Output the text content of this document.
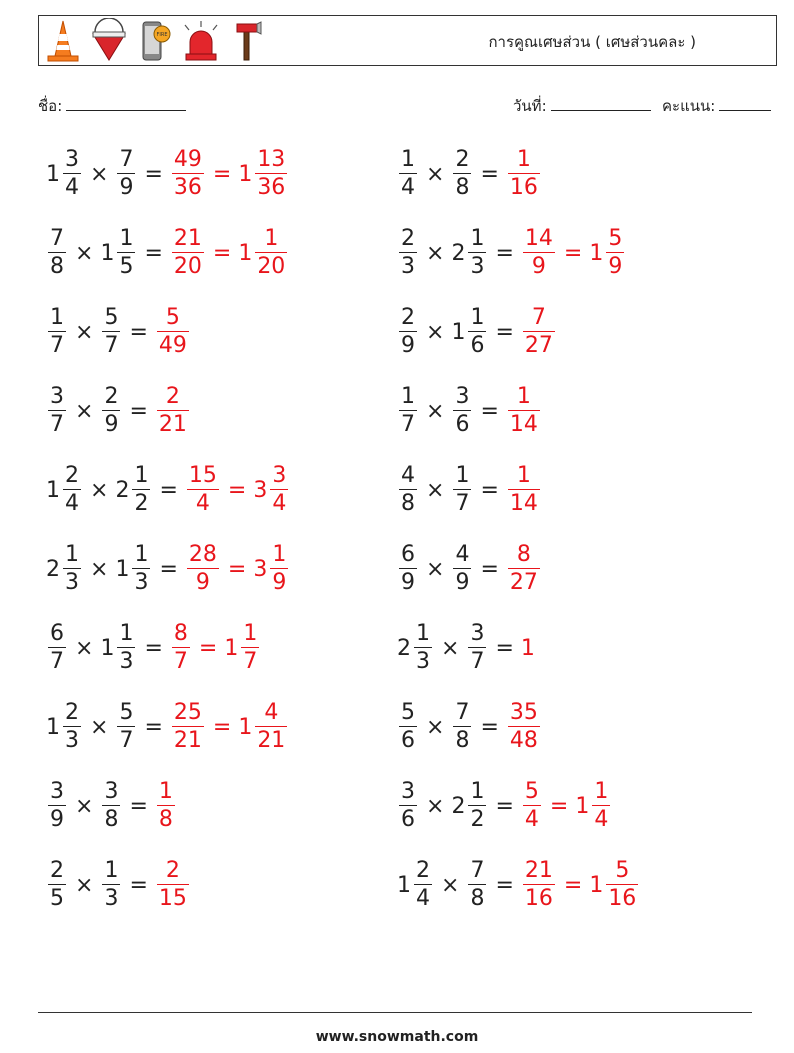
FIRE	การคูณเศษส่วน ( เศษส่วนคละ )
ชื่อ:	วันที่:	คะแนน:
$1 \frac{3}{4} \times \frac{7}{9} = \frac{49}{36} = 1 \frac{13}{36}$	$\frac{1}{4} \times \frac{2}{8} = \frac{1}{16}$
$\frac{7}{8} \times 1 \frac{1}{5} = \frac{21}{20} = 1 \frac{1}{20}$	$\frac{2}{3} \times 2 \frac{1}{3} = \frac{14}{9} = 1 \frac{5}{9}$
$\frac{1}{7} \times \frac{5}{7} = \frac{5}{49}$	$\frac{2}{9} \times 1 \frac{1}{6} = \frac{7}{27}$
$\frac{3}{7} \times \frac{2}{9} = \frac{2}{21}$	$\frac{1}{7} \times \frac{3}{6} = \frac{1}{14}$
$1 \frac{2}{4} \times 2 \frac{1}{2} = \frac{15}{4} = 3 \frac{3}{4}$	$\frac{4}{8} \times \frac{1}{7} = \frac{1}{14}$
$2 \frac{1}{3} \times 1 \frac{1}{3} = \frac{28}{9} = 3 \frac{1}{9}$	$\frac{6}{9} \times \frac{4}{9} = \frac{8}{27}$
$\frac{6}{7} \times 1 \frac{1}{3} = \frac{8}{7} = 1 \frac{1}{7}$	$2 \frac{1}{3} \times \frac{3}{7} = 1$
$1 \frac{2}{3} \times \frac{5}{7} = \frac{25}{21} = 1 \frac{4}{21}$	$\frac{5}{6} \times \frac{7}{8} = \frac{35}{48}$
$\frac{3}{9} \times \frac{3}{8} = \frac{1}{8}$	$\frac{3}{6} \times 2 \frac{1}{2} = \frac{5}{4} = 1 \frac{1}{4}$
$\frac{2}{5} \times \frac{1}{3} = \frac{2}{15}$	$1 \frac{2}{4} \times \frac{7}{8} = \frac{21}{16} = 1 \frac{5}{16}$
www.snowmath.com
